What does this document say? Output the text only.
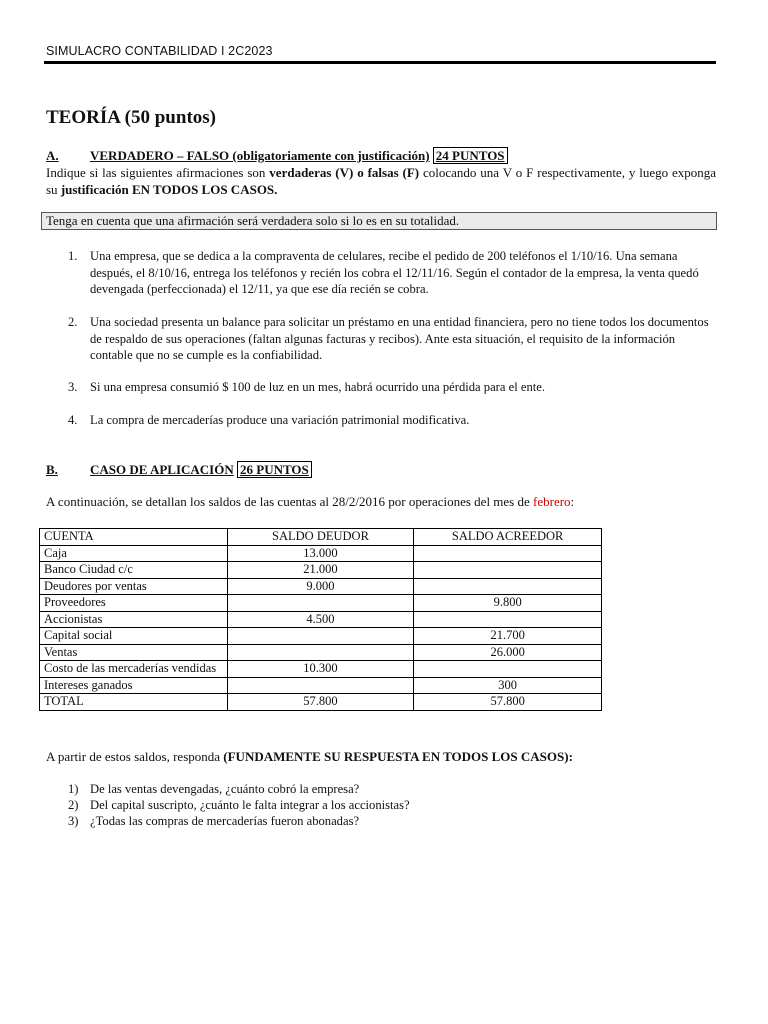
SIMULACRO CONTABILIDAD I 2C2023
TEORÍA (50 puntos)
A. VERDADERO – FALSO (obligatoriamente con justificación) 24 PUNTOS
Indique si las siguientes afirmaciones son verdaderas (V) o falsas (F) colocando una V o F respectivamente, y luego exponga su justificación EN TODOS LOS CASOS.
Tenga en cuenta que una afirmación será verdadera solo si lo es en su totalidad.
1. Una empresa, que se dedica a la compraventa de celulares, recibe el pedido de 200 teléfonos el 1/10/16. Una semana después, el 8/10/16, entrega los teléfonos y recién los cobra el 12/11/16. Según el contador de la empresa, la venta quedó devengada (perfeccionada) el 12/11, ya que ese día recién se cobra.
2. Una sociedad presenta un balance para solicitar un préstamo en una entidad financiera, pero no tiene todos los documentos de respaldo de sus operaciones (faltan algunas facturas y recibos). Ante esta situación, el requisito de la información contable que no se cumple es la confiabilidad.
3. Si una empresa consumió $ 100 de luz en un mes, habrá ocurrido una pérdida para el ente.
4. La compra de mercaderías produce una variación patrimonial modificativa.
B. CASO DE APLICACIÓN 26 PUNTOS
A continuación, se detallan los saldos de las cuentas al 28/2/2016 por operaciones del mes de febrero:
CUENTA	SALDO DEUDOR	SALDO ACREEDOR
Caja	13.000	
Banco Ciudad c/c	21.000	
Deudores por ventas	9.000	
Proveedores		9.800
Accionistas	4.500	
Capital social		21.700
Ventas		26.000
Costo de las mercaderías vendidas	10.300	
Intereses ganados		300
TOTAL	57.800	57.800
A partir de estos saldos, responda (FUNDAMENTE SU RESPUESTA EN TODOS LOS CASOS):
1) De las ventas devengadas, ¿cuánto cobró la empresa?
2) Del capital suscripto, ¿cuánto le falta integrar a los accionistas?
3) ¿Todas las compras de mercaderías fueron abonadas?
